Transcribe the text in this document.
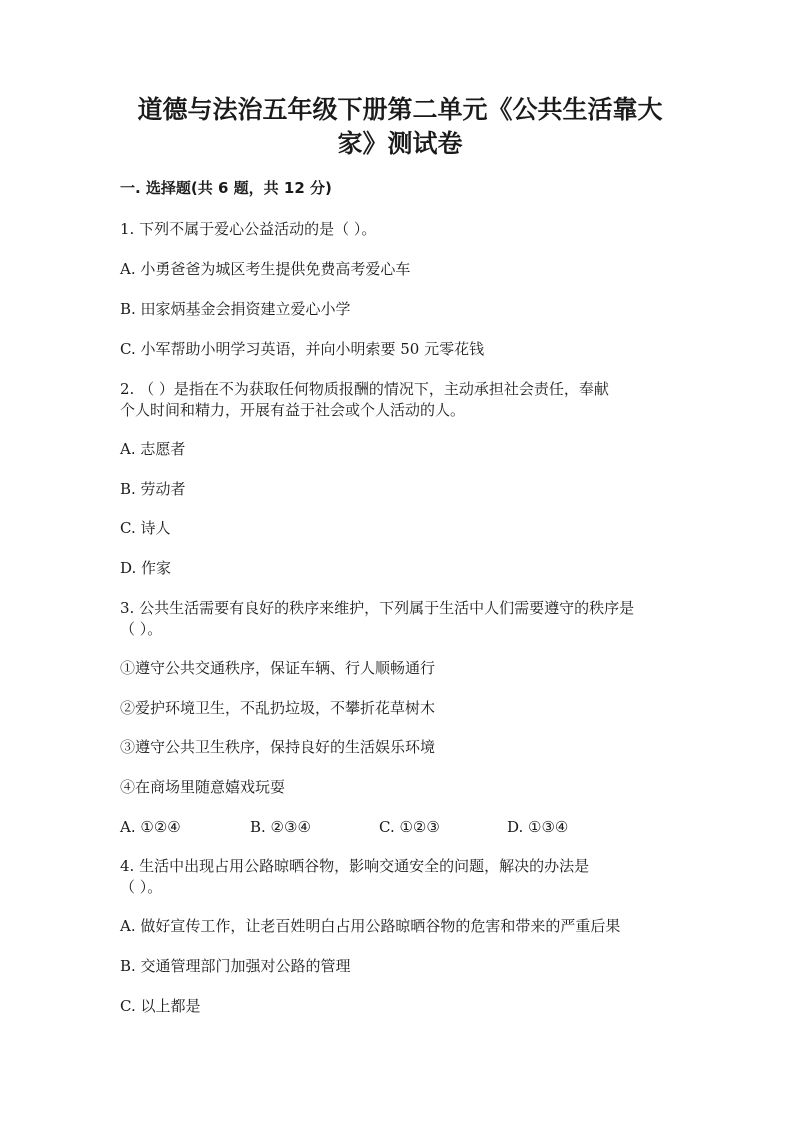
道德与法治五年级下册第二单元《公共生活靠大
家》测试卷
一. 选择题(共 6 题，共 12 分)
1. 下列不属于爱心公益活动的是（ ）。
A. 小勇爸爸为城区考生提供免费高考爱心车
B. 田家炳基金会捐资建立爱心小学
C. 小军帮助小明学习英语，并向小明索要 50 元零花钱
2. （ ）是指在不为获取任何物质报酬的情况下，主动承担社会责任，奉献
个人时间和精力，开展有益于社会或个人活动的人。
A. 志愿者
B. 劳动者
C. 诗人
D. 作家
3. 公共生活需要有良好的秩序来维护，下列属于生活中人们需要遵守的秩序是
（ ）。
①遵守公共交通秩序，保证车辆、行人顺畅通行
②爱护环境卫生，不乱扔垃圾，不攀折花草树木
③遵守公共卫生秩序，保持良好的生活娱乐环境
④在商场里随意嬉戏玩耍
A. ①②④	B. ②③④	C. ①②③	D. ①③④
4. 生活中出现占用公路晾晒谷物，影响交通安全的问题，解决的办法是
（ ）。
A. 做好宣传工作，让老百姓明白占用公路晾晒谷物的危害和带来的严重后果
B. 交通管理部门加强对公路的管理
C. 以上都是
